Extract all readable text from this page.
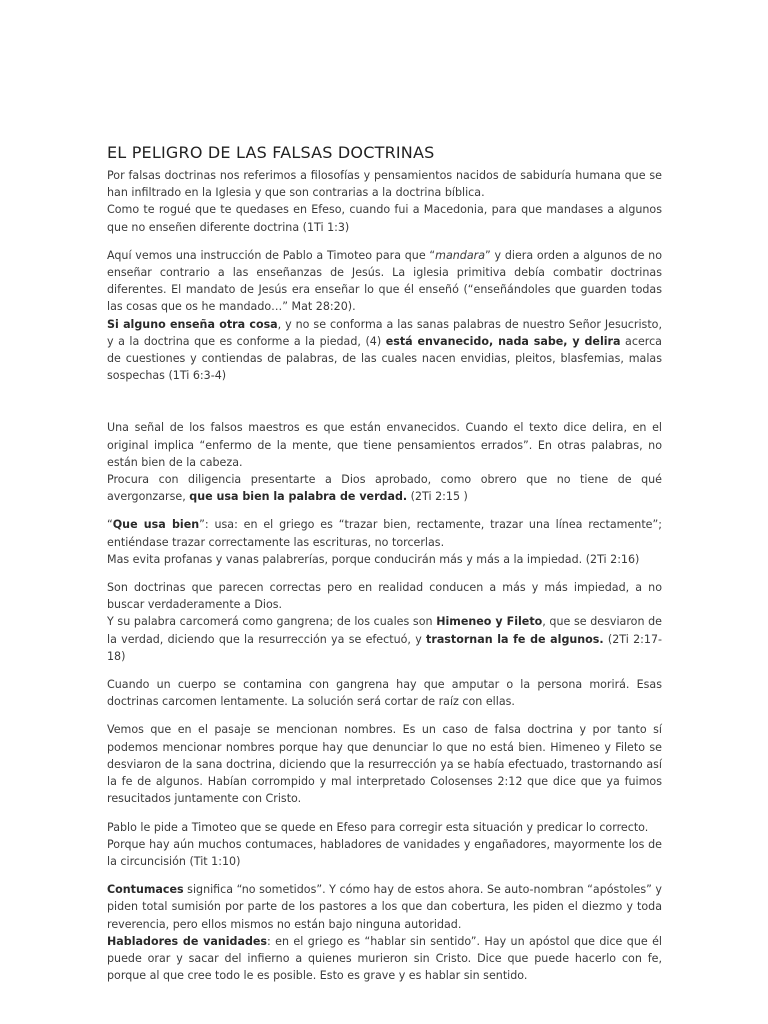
EL PELIGRO DE LAS FALSAS DOCTRINAS

Por falsas doctrinas nos referimos a filosofías y pensamientos nacidos de sabiduría humana que se han infiltrado en la Iglesia y que son contrarias a la doctrina bíblica.
Como te rogué que te quedases en Efeso, cuando fui a Macedonia, para que mandases a algunos que no enseñen diferente doctrina (1Ti 1:3)

Aquí vemos una instrucción de Pablo a Timoteo para que “mandara” y diera orden a algunos de no enseñar contrario a las enseñanzas de Jesús. La iglesia primitiva debía combatir doctrinas diferentes. El mandato de Jesús era enseñar lo que él enseñó (“enseñándoles que guarden todas las cosas que os he mandado…” Mat 28:20).
Si alguno enseña otra cosa, y no se conforma a las sanas palabras de nuestro Señor Jesucristo, y a la doctrina que es conforme a la piedad, (4) está envanecido, nada sabe, y delira acerca de cuestiones y contiendas de palabras, de las cuales nacen envidias, pleitos, blasfemias, malas sospechas (1Ti 6:3-4)

Una señal de los falsos maestros es que están envanecidos. Cuando el texto dice delira, en el original implica “enfermo de la mente, que tiene pensamientos errados”. En otras palabras, no están bien de la cabeza.
Procura con diligencia presentarte a Dios aprobado, como obrero que no tiene de qué avergonzarse, que usa bien la palabra de verdad. (2Ti 2:15 )

“Que usa bien”: usa: en el griego es “trazar bien, rectamente, trazar una línea rectamente”; entiéndase trazar correctamente las escrituras, no torcerlas.
Mas evita profanas y vanas palabrerías, porque conducirán más y más a la impiedad. (2Ti 2:16)

Son doctrinas que parecen correctas pero en realidad conducen a más y más impiedad, a no buscar verdaderamente a Dios.
Y su palabra carcomerá como gangrena; de los cuales son Himeneo y Fileto, que se desviaron de la verdad, diciendo que la resurrección ya se efectuó, y trastornan la fe de algunos. (2Ti 2:17-18)

Cuando un cuerpo se contamina con gangrena hay que amputar o la persona morirá. Esas doctrinas carcomen lentamente. La solución será cortar de raíz con ellas.

Vemos que en el pasaje se mencionan nombres. Es un caso de falsa doctrina y por tanto sí podemos mencionar nombres porque hay que denunciar lo que no está bien. Himeneo y Fileto se desviaron de la sana doctrina, diciendo que la resurrección ya se había efectuado, trastornando así la fe de algunos. Habían corrompido y mal interpretado Colosenses 2:12 que dice que ya fuimos resucitados juntamente con Cristo.

Pablo le pide a Timoteo que se quede en Efeso para corregir esta situación y predicar lo correcto.
Porque hay aún muchos contumaces, habladores de vanidades y engañadores, mayormente los de la circuncisión (Tit 1:10)

Contumaces significa “no sometidos”. Y cómo hay de estos ahora. Se auto-nombran “apóstoles” y piden total sumisión por parte de los pastores a los que dan cobertura, les piden el diezmo y toda reverencia, pero ellos mismos no están bajo ninguna autoridad.
Habladores de vanidades: en el griego es “hablar sin sentido”. Hay un apóstol que dice que él puede orar y sacar del infierno a quienes murieron sin Cristo. Dice que puede hacerlo con fe, porque al que cree todo le es posible. Esto es grave y es hablar sin sentido.
